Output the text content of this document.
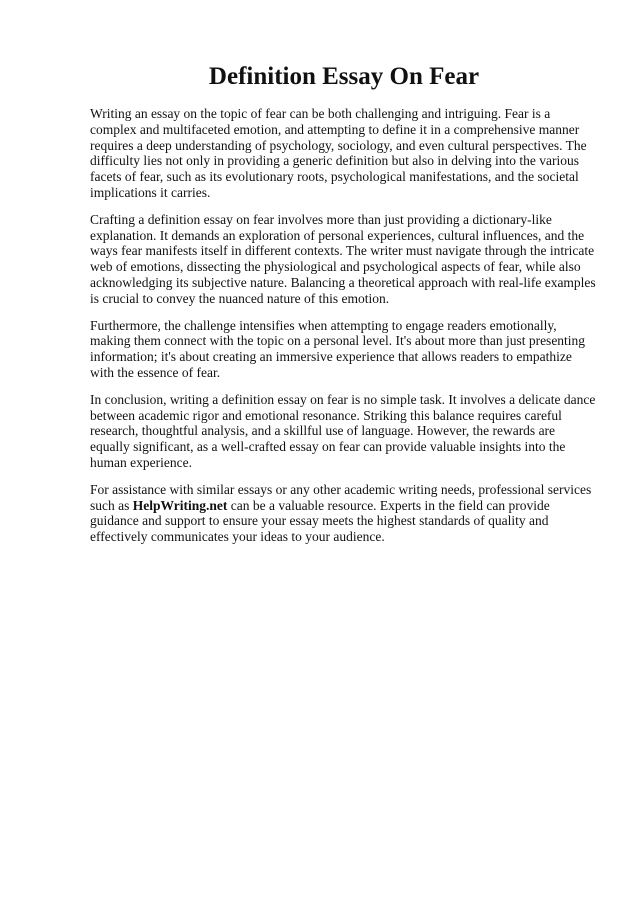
Definition Essay On Fear

Writing an essay on the topic of fear can be both challenging and intriguing. Fear is a complex and multifaceted emotion, and attempting to define it in a comprehensive manner requires a deep understanding of psychology, sociology, and even cultural perspectives. The difficulty lies not only in providing a generic definition but also in delving into the various facets of fear, such as its evolutionary roots, psychological manifestations, and the societal implications it carries.

Crafting a definition essay on fear involves more than just providing a dictionary-like explanation. It demands an exploration of personal experiences, cultural influences, and the ways fear manifests itself in different contexts. The writer must navigate through the intricate web of emotions, dissecting the physiological and psychological aspects of fear, while also acknowledging its subjective nature. Balancing a theoretical approach with real-life examples is crucial to convey the nuanced nature of this emotion.

Furthermore, the challenge intensifies when attempting to engage readers emotionally, making them connect with the topic on a personal level. It's about more than just presenting information; it's about creating an immersive experience that allows readers to empathize with the essence of fear.

In conclusion, writing a definition essay on fear is no simple task. It involves a delicate dance between academic rigor and emotional resonance. Striking this balance requires careful research, thoughtful analysis, and a skillful use of language. However, the rewards are equally significant, as a well-crafted essay on fear can provide valuable insights into the human experience.

For assistance with similar essays or any other academic writing needs, professional services such as HelpWriting.net can be a valuable resource. Experts in the field can provide guidance and support to ensure your essay meets the highest standards of quality and effectively communicates your ideas to your audience.
